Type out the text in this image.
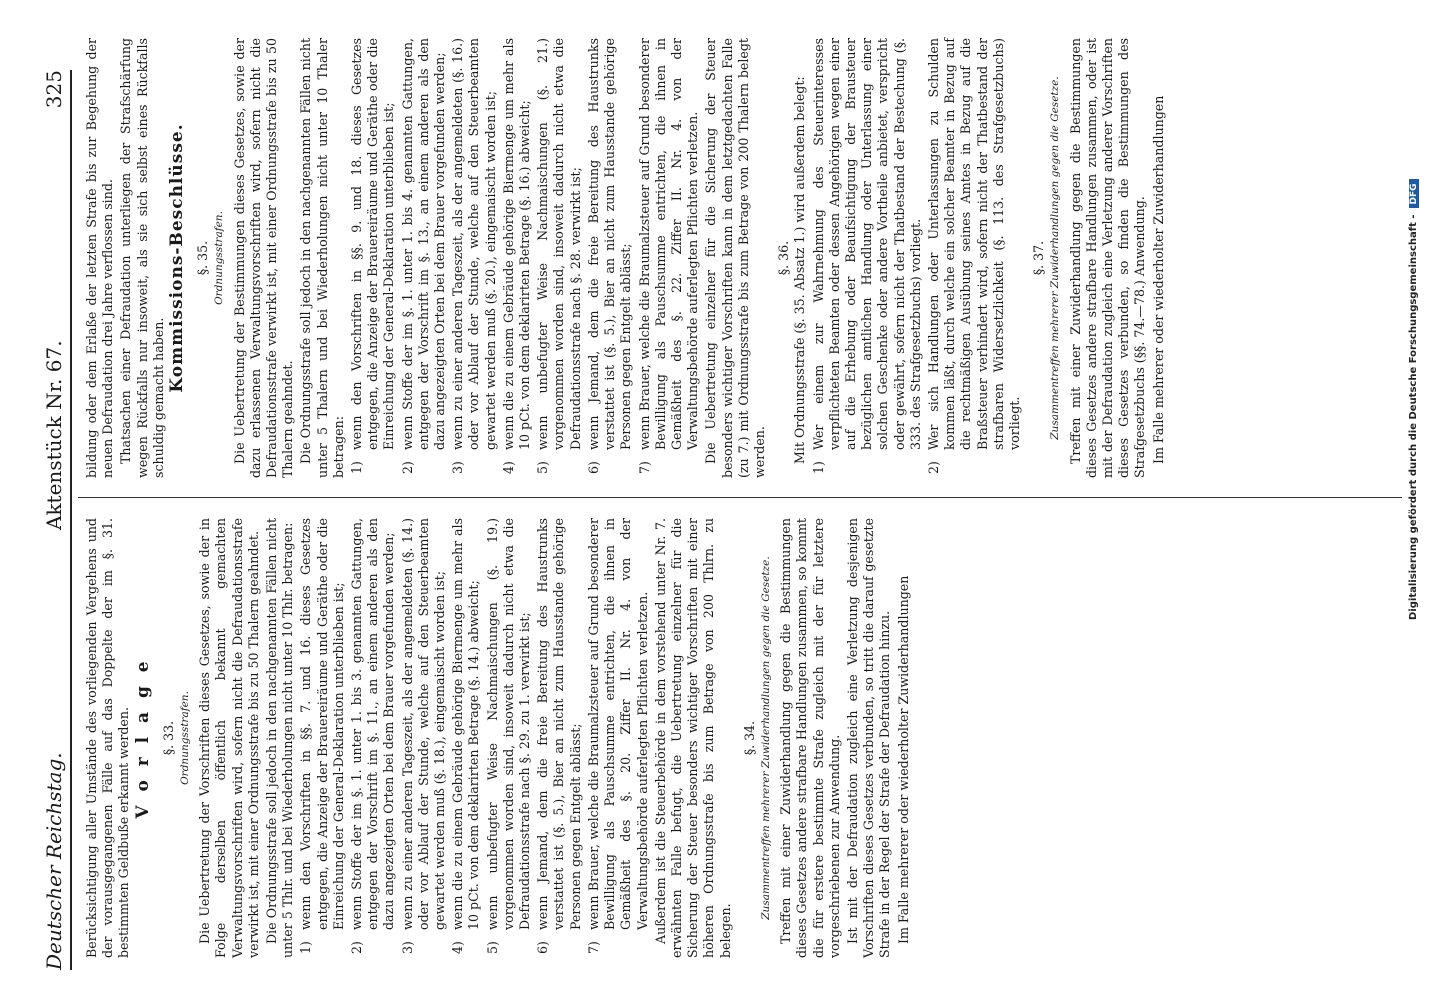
Deutscher Reichstag.
Aktenstück Nr. 67.
325

Berücksichtigung aller Umstände des vorliegenden Vergehens und der vorausgegangenen Fälle auf das Doppelte der im §. 31. bestimmten Geldbuße erkannt werden. V o r l a g e §. 33. Ordnungsstrafen. Die Uebertretung der Vorschriften dieses Gesetzes, sowie der in Folge derselben öffentlich bekannt gemachten Verwaltungsvorschriften wird, sofern nicht die Defraudationsstrafe verwirkt ist, mit einer Ordnungsstrafe bis zu 50 Thalern geahndet. Die Ordnungsstrafe soll jedoch in den nachgenannten Fällen nicht unter 5 Thlr. und bei Wiederholungen nicht unter 10 Thlr. betragen: 1)
wenn den Vorschriften in §§. 7. und 16. dieses Gesetzes entgegen, die Anzeige der Brauereiräume und Geräthe oder die Einreichung der General-Deklaration unterblieben ist;

2)
wenn Stoffe der im §. 1. unter 1. bis 3. genannten Gattungen, entgegen der Vorschrift im §. 11., an einem anderen als den dazu angezeigten Orten bei dem Brauer vorgefunden werden;

3)
wenn zu einer anderen Tageszeit, als der angemeldeten (§. 14.) oder vor Ablauf der Stunde, welche auf den Steuerbeamten gewartet werden muß (§. 18.), eingemaischt worden ist;

4)
wenn die zu einem Gebräude gehörige Biermenge um mehr als 10 pCt. von dem deklarirten Betrage (§. 14.) abweicht;

5)
wenn unbefugter Weise Nachmaischungen (§. 19.) vorgenommen worden sind, insoweit dadurch nicht etwa die Defraudationsstrafe nach §. 29. zu 1. verwirkt ist;

6)
wenn Jemand, dem die freie Bereitung des Haustrunks verstattet ist (§. 5.), Bier an nicht zum Hausstande gehörige Personen gegen Entgelt ablässt;

7)
wenn Brauer, welche die Braumalzsteuer auf Grund besonderer Bewilligung als Pauschsumme entrichten, die ihnen in Gemäßheit des §. 20. Ziffer II. Nr. 4. von der Verwaltungsbehörde auferlegten Pflichten verletzen. Außerdem ist die Steuerbehörde in dem vorstehend unter Nr. 7. erwähnten Falle befugt, die Uebertretung einzelner für die Sicherung der Steuer besonders wichtiger Vorschriften mit einer höheren Ordnungsstrafe bis zum Betrage von 200 Thlrn. zu belegen.

§. 34. Zusammentreffen mehrerer Zuwiderhandlungen gegen die Gesetze. Treffen mit einer Zuwiderhandlung gegen die Bestimmungen dieses Gesetzes andere strafbare Handlungen zusammen, so kommt die für erstere bestimmte Strafe zugleich mit der für letztere vorgeschriebenen zur Anwendung. Ist mit der Defraudation zugleich eine Verletzung desjenigen Vorschriften dieses Gesetzes verbunden, so tritt die darauf gesetzte Strafe in der Regel der Strafe der Defraudation hinzu. Im Falle mehrerer oder wiederholter Zuwiderhandlungen

bildung oder dem Erlaße der letzten Strafe bis zur Begehung der neuen Defraudation drei Jahre verflossen sind. Thatsachen einer Defraudation unterliegen der Strafschärfung wegen Rückfalls nur insoweit, als sie sich selbst eines Rückfalls schuldig gemacht haben.

Kommissions-Beschlüsse. §. 35. Ordnungsstrafen. Die Uebertretung der Bestimmungen dieses Gesetzes, sowie der dazu erlassenen Verwaltungsvorschriften wird, sofern nicht die Defraudationsstrafe verwirkt ist, mit einer Ordnungsstrafe bis zu 50 Thalern geahndet. Die Ordnungsstrafe soll jedoch in den nachgenannten Fällen nicht unter 5 Thalern und bei Wiederholungen nicht unter 10 Thaler betragen: 1)
wenn den Vorschriften in §§. 9. und 18. dieses Gesetzes entgegen, die Anzeige der Brauereiräume und Geräthe oder die Einreichung der General-Deklaration unterblieben ist;

2)
wenn Stoffe der im §. 1. unter 1. bis 4. genannten Gattungen, entgegen der Vorschrift im §. 13., an einem anderen als den dazu angezeigten Orten bei dem Brauer vorgefunden werden;

3)
wenn zu einer anderen Tageszeit, als der angemeldeten (§. 16.) oder vor Ablauf der Stunde, welche auf den Steuerbeamten gewartet werden muß (§. 20.), eingemaischt worden ist;

4)
wenn die zu einem Gebräude gehörige Biermenge um mehr als 10 pCt. von dem deklarirten Betrage (§. 16.) abweicht;

5)
wenn unbefugter Weise Nachmaischungen (§. 21.) vorgenommen worden sind, insoweit dadurch nicht etwa die Defraudationsstrafe nach §. 28. verwirkt ist;

6)
wenn Jemand, dem die freie Bereitung des Haustrunks verstattet ist (§. 5.), Bier an nicht zum Hausstande gehörige Personen gegen Entgelt ablässt;

7)
wenn Brauer, welche die Braumalzsteuer auf Grund besonderer Bewilligung als Pauschsumme entrichten, die ihnen in Gemäßheit des §. 22. Ziffer II. Nr. 4. von der Verwaltungsbehörde auferlegten Pflichten verletzen. Die Uebertretung einzelner für die Sicherung der Steuer besonders wichtiger Vorschriften kann in dem letztgedachten Falle (zu 7.) mit Ordnungsstrafe bis zum Betrage von 200 Thalern belegt werden.

§. 36. Mit Ordnungsstrafe (§. 35. Absatz 1.) wird außerdem belegt:

1)
Wer einem zur Wahrnehmung des Steuerinteresses verpflichteten Beamten oder dessen Angehörigen wegen einer auf die Erhebung oder Beaufsichtigung der Brausteuer bezüglichen amtlichen Handlung oder Unterlassung einer solchen Geschenke oder andere Vortheile anbietet, verspricht oder gewährt, sofern nicht der Thatbestand der Bestechung (§. 333. des Strafgesetzbuchs) vorliegt.

2)
Wer sich Handlungen oder Unterlassungen zu Schulden kommen läßt, durch welche ein solcher Beamter in Bezug auf die rechtmäßigen Ausübung seines Amtes in Bezug auf die Braßsteuer verhindert wird, sofern nicht der Thatbestand der strafbaren Widersetzlichkeit (§. 113. des Strafgesetzbuchs) vorliegt.

§. 37. Zusammentreffen mehrerer Zuwiderhandlungen gegen die Gesetze. Treffen mit einer Zuwiderhandlung gegen die Bestimmungen dieses Gesetzes andere strafbare Handlungen zusammen, oder ist mit der Defraudation zugleich eine Verletzung anderer Vorschriften dieses Gesetzes verbunden, so finden die Bestimmungen des Strafgesetzbuchs (§§. 74.—78.) Anwendung. Im Falle mehrerer oder wiederholter Zuwiderhandlungen	Digitalisierung gefördert durch die Deutsche Forschungsgemeinschaft -DFG
